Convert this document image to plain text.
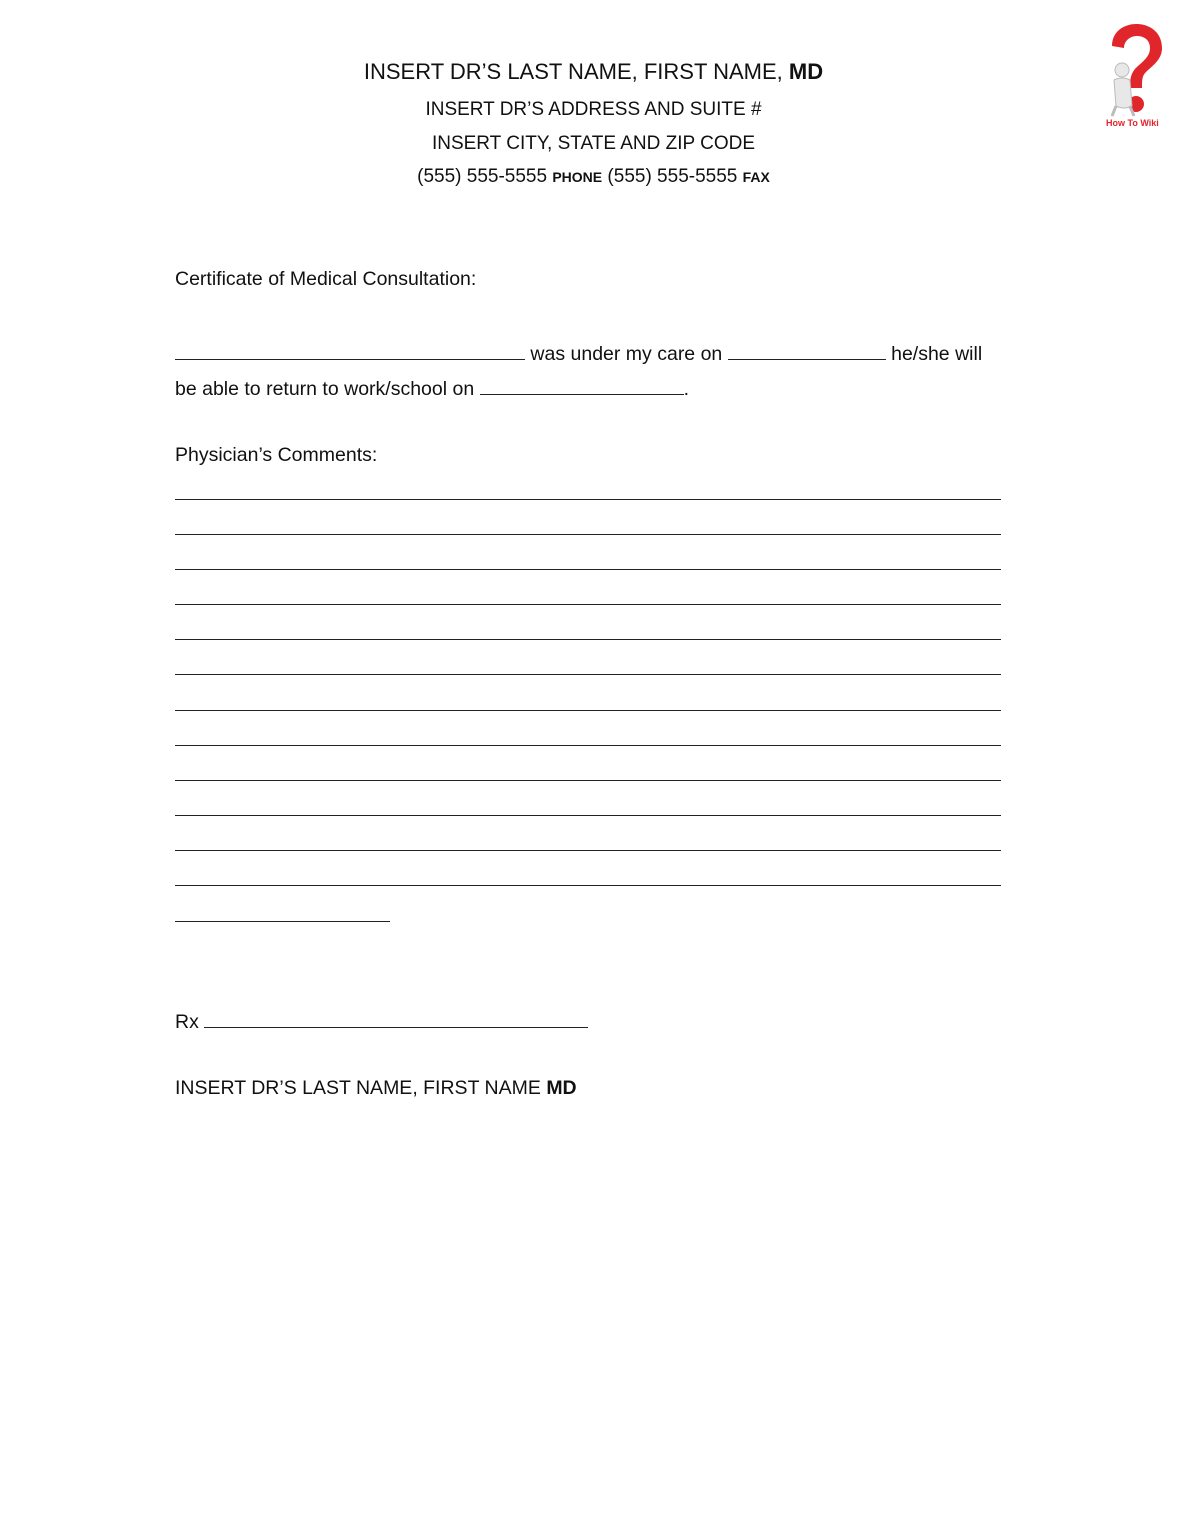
INSERT DR’S LAST NAME, FIRST NAME, MD
INSERT DR’S ADDRESS AND SUITE #
INSERT CITY, STATE AND ZIP CODE
(555) 555-5555 PHONE (555) 555-5555 FAX
How To Wiki
Certificate of Medical Consultation:
was under my care on	he/she will
be able to return to work/school on	.
Physician’s Comments:
Rx
INSERT DR’S LAST NAME, FIRST NAME MD
